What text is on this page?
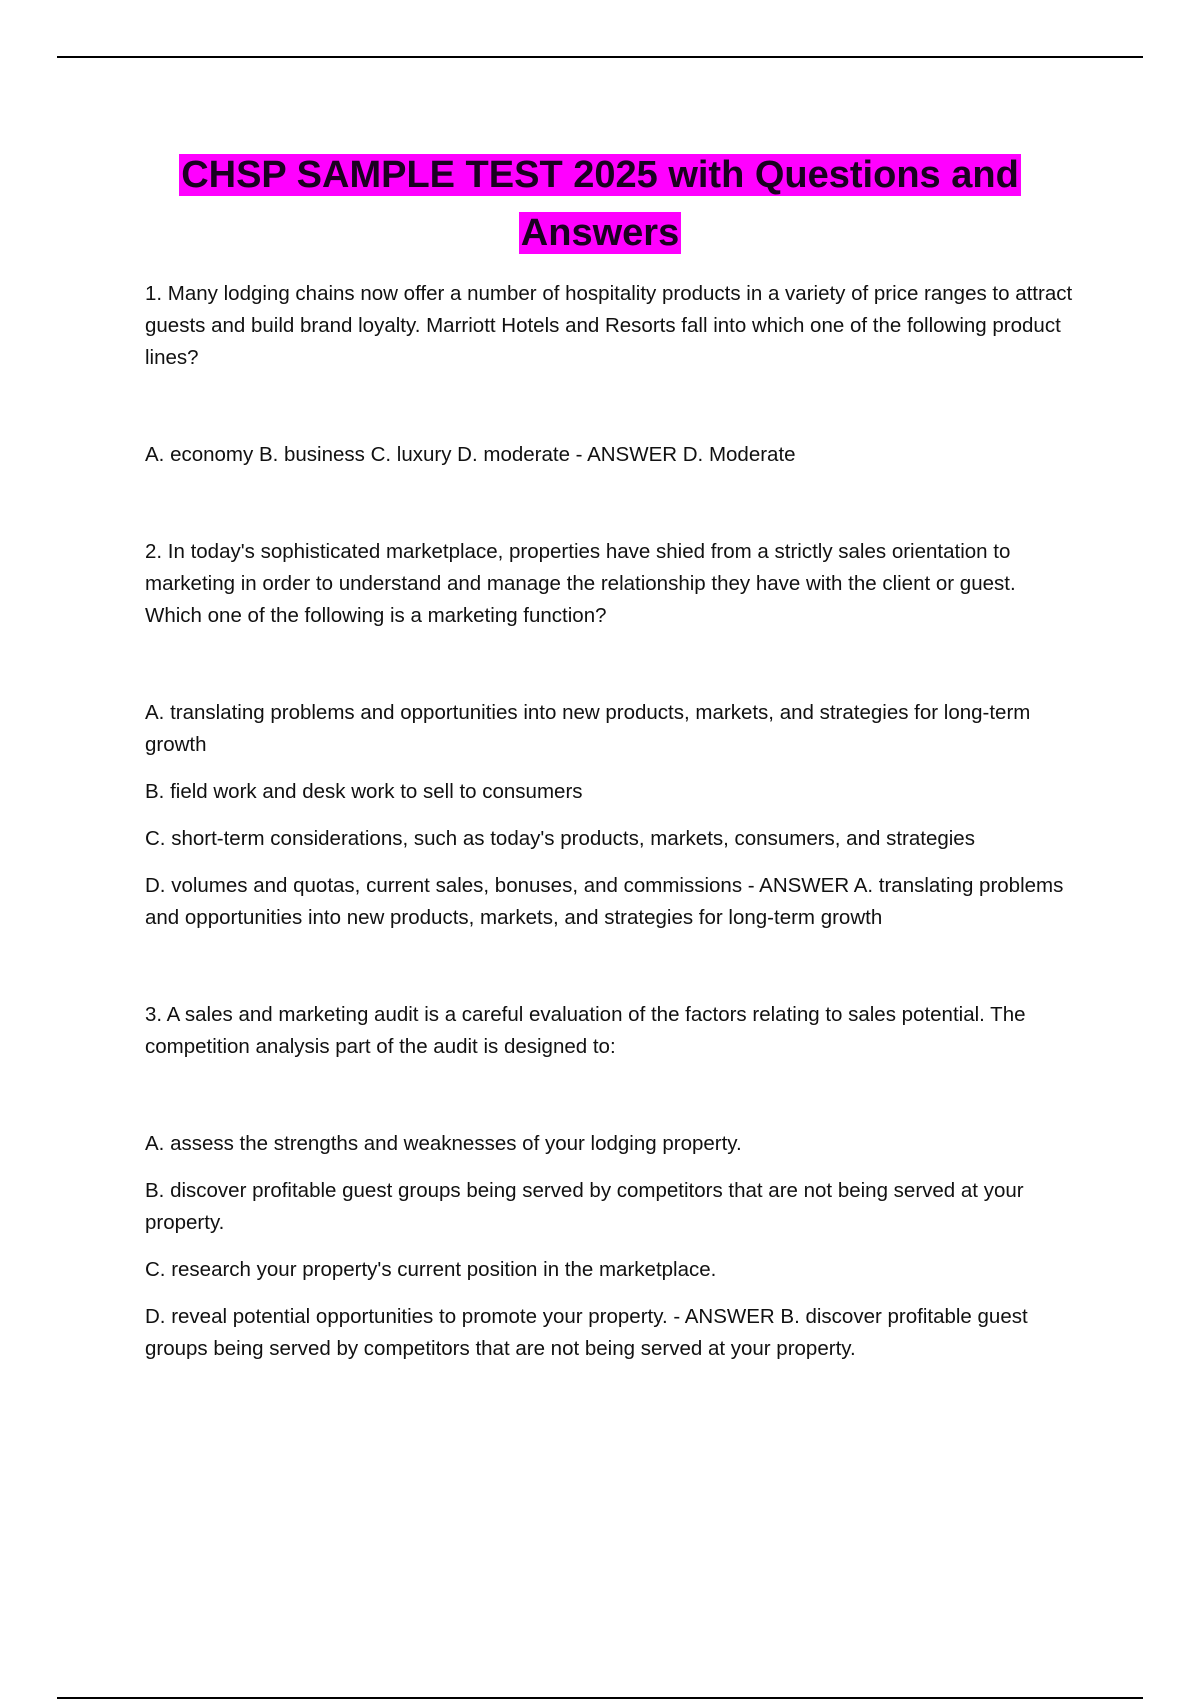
CHSP SAMPLE TEST 2025 with Questions and
Answers

1. Many lodging chains now offer a number of hospitality products in a variety of price ranges to attract guests and build brand loyalty. Marriott Hotels and Resorts fall into which one of the following product lines?

A. economy B. business C. luxury D. moderate - ANSWER D. Moderate

2. In today's sophisticated marketplace, properties have shied from a strictly sales orientation to marketing in order to understand and manage the relationship they have with the client or guest. Which one of the following is a marketing function?

A. translating problems and opportunities into new products, markets, and strategies for long-term growth

B. field work and desk work to sell to consumers

C. short-term considerations, such as today's products, markets, consumers, and strategies

D. volumes and quotas, current sales, bonuses, and commissions - ANSWER A. translating problems and opportunities into new products, markets, and strategies for long-term growth

3. A sales and marketing audit is a careful evaluation of the factors relating to sales potential. The competition analysis part of the audit is designed to:

A. assess the strengths and weaknesses of your lodging property.

B. discover profitable guest groups being served by competitors that are not being served at your property.

C. research your property's current position in the marketplace.

D. reveal potential opportunities to promote your property. - ANSWER B. discover profitable guest groups being served by competitors that are not being served at your property.
